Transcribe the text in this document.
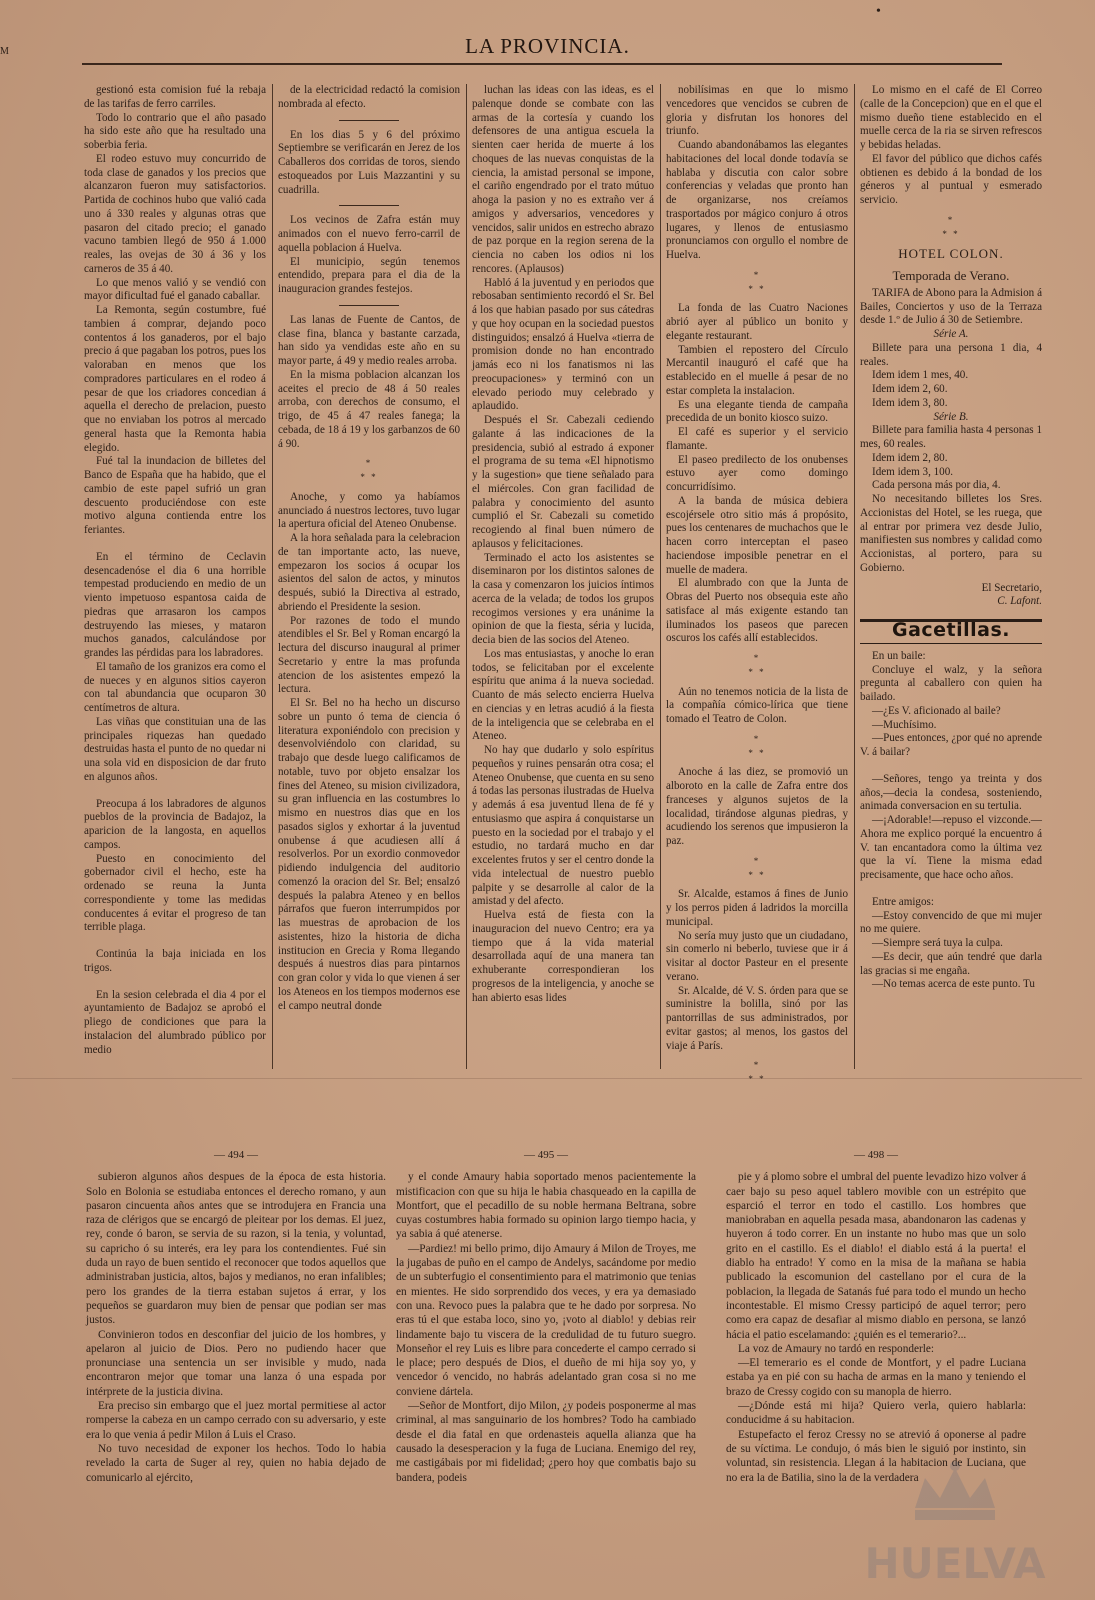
M
•
LA PROVINCIA.

gestionó esta comision fué la rebaja de las tarifas de ferro carriles.

Todo lo contrario que el año pasado ha sido este año que ha resultado una soberbia feria.

El rodeo estuvo muy concurrido de toda clase de ganados y los precios que alcanzaron fueron muy satisfactorios. Partida de cochinos hubo que valió cada uno á 330 reales y algunas otras que pasaron del citado precio; el ganado vacuno tambien llegó de 950 á 1.000 reales, las ovejas de 30 á 36 y los carneros de 35 á 40.

Lo que menos valió y se vendió con mayor dificultad fué el ganado caballar.

La Remonta, según costumbre, fué tambien á comprar, dejando poco contentos á los ganaderos, por el bajo precio á que pagaban los potros, pues los valoraban en menos que los compradores particulares en el rodeo á pesar de que los criadores concedian á aquella el derecho de prelacion, puesto que no enviaban los potros al mercado general hasta que la Remonta habia elegido.

Fué tal la inundacion de billetes del Banco de España que ha habido, que el cambio de este papel sufrió un gran descuento produciéndose con este motivo alguna contienda entre los feriantes.

En el término de Ceclavin desencadenóse el dia 6 una horrible tempestad produciendo en medio de un viento impetuoso espantosa caida de piedras que arrasaron los campos destruyendo las mieses, y mataron muchos ganados, calculándose por grandes las pérdidas para los labradores.

El tamaño de los granizos era como el de nueces y en algunos sitios cayeron con tal abundancia que ocuparon 30 centímetros de altura.

Las viñas que constituian una de las principales riquezas han quedado destruidas hasta el punto de no quedar ni una sola vid en disposicion de dar fruto en algunos años.

Preocupa á los labradores de algunos pueblos de la provincia de Badajoz, la aparicion de la langosta, en aquellos campos.

Puesto en conocimiento del gobernador civil el hecho, este ha ordenado se reuna la Junta correspondiente y tome las medidas conducentes á evitar el progreso de tan terrible plaga.

Continúa la baja iniciada en los trigos.

En la sesion celebrada el dia 4 por el ayuntamiento de Badajoz se aprobó el pliego de condiciones que para la instalacion del alumbrado público por medio

de la electricidad redactó la comision nombrada al efecto.

En los dias 5 y 6 del próximo Septiembre se verificarán en Jerez de los Caballeros dos corridas de toros, siendo estoqueados por Luis Mazzantini y su cuadrilla.

Los vecinos de Zafra están muy animados con el nuevo ferro-carril de aquella poblacion á Huelva.

El municipio, según tenemos entendido, prepara para el dia de la inauguracion grandes festejos.

Las lanas de Fuente de Cantos, de clase fina, blanca y bastante carzada, han sido ya vendidas este año en su mayor parte, á 49 y medio reales arroba.

En la misma poblacion alcanzan los aceites el precio de 48 á 50 reales arroba, con derechos de consumo, el trigo, de 45 á 47 reales fanega; la cebada, de 18 á 19 y los garbanzos de 60 á 90.

*
* *

Anoche, y como ya habíamos anunciado á nuestros lectores, tuvo lugar la apertura oficial del Ateneo Onubense.

A la hora señalada para la celebracion de tan importante acto, las nueve, empezaron los socios á ocupar los asientos del salon de actos, y minutos después, subió la Directiva al estrado, abriendo el Presidente la sesion.

Por razones de todo el mundo atendibles el Sr. Bel y Roman encargó la lectura del discurso inaugural al primer Secretario y entre la mas profunda atencion de los asistentes empezó la lectura.

El Sr. Bel no ha hecho un discurso sobre un punto ó tema de ciencia ó literatura exponiéndolo con precision y desenvolviéndolo con claridad, su trabajo que desde luego calificamos de notable, tuvo por objeto ensalzar los fines del Ateneo, su mision civilizadora, su gran influencia en las costumbres lo mismo en nuestros dias que en los pasados siglos y exhortar á la juventud onubense á que acudiesen allí á resolverlos. Por un exordio conmovedor pidiendo indulgencia del auditorio comenzó la oracion del Sr. Bel; ensalzó después la palabra Ateneo y en bellos párrafos que fueron interrumpidos por las muestras de aprobacion de los asistentes, hizo la historia de dicha institucion en Grecia y Roma llegando después á nuestros dias para pintarnos con gran color y vida lo que vienen á ser los Ateneos en los tiempos modernos ese el campo neutral donde

luchan las ideas con las ideas, es el palenque donde se combate con las armas de la cortesía y cuando los defensores de una antigua escuela la sienten caer herida de muerte á los choques de las nuevas conquistas de la ciencia, la amistad personal se impone, el cariño engendrado por el trato mútuo ahoga la pasion y no es extraño ver á amigos y adversarios, vencedores y vencidos, salir unidos en estrecho abrazo de paz porque en la region serena de la ciencia no caben los odios ni los rencores. (Aplausos)

Habló á la juventud y en periodos que rebosaban sentimiento recordó el Sr. Bel á los que habian pasado por sus cátedras y que hoy ocupan en la sociedad puestos distinguidos; ensalzó á Huelva «tierra de promision donde no han encontrado jamás eco ni los fanatismos ni las preocupaciones» y terminó con un elevado periodo muy celebrado y aplaudido.

Después el Sr. Cabezali cediendo galante á las indicaciones de la presidencia, subió al estrado á exponer el programa de su tema «El hipnotismo y la sugestion» que tiene señalado para el miércoles. Con gran facilidad de palabra y conocimiento del asunto cumplió el Sr. Cabezali su cometido recogiendo al final buen número de aplausos y felicitaciones.

Terminado el acto los asistentes se diseminaron por los distintos salones de la casa y comenzaron los juicios íntimos acerca de la velada; de todos los grupos recogimos versiones y era unánime la opinion de que la fiesta, séria y lucida, decia bien de las socios del Ateneo.

Los mas entusiastas, y anoche lo eran todos, se felicitaban por el excelente espíritu que anima á la nueva sociedad. Cuanto de más selecto encierra Huelva en ciencias y en letras acudió á la fiesta de la inteligencia que se celebraba en el Ateneo.

No hay que dudarlo y solo espíritus pequeños y ruines pensarán otra cosa; el Ateneo Onubense, que cuenta en su seno á todas las personas ilustradas de Huelva y además á esa juventud llena de fé y entusiasmo que aspira á conquistarse un puesto en la sociedad por el trabajo y el estudio, no tardará mucho en dar excelentes frutos y ser el centro donde la vida intelectual de nuestro pueblo palpite y se desarrolle al calor de la amistad y del afecto.

Huelva está de fiesta con la inauguracion del nuevo Centro; era ya tiempo que á la vida material desarrollada aquí de una manera tan exhuberante correspondieran los progresos de la inteligencia, y anoche se han abierto esas lides

nobilísimas en que lo mismo vencedores que vencidos se cubren de gloria y disfrutan los honores del triunfo.

Cuando abandonábamos las elegantes habitaciones del local donde todavía se hablaba y discutia con calor sobre conferencias y veladas que pronto han de organizarse, nos creíamos trasportados por mágico conjuro á otros lugares, y llenos de entusiasmo pronunciamos con orgullo el nombre de Huelva.

*
* *

La fonda de las Cuatro Naciones abrió ayer al público un bonito y elegante restaurant.

Tambien el repostero del Círculo Mercantil inauguró el café que ha establecido en el muelle á pesar de no estar completa la instalacion.

Es una elegante tienda de campaña precedida de un bonito kiosco suizo.

El café es superior y el servicio flamante.

El paseo predilecto de los onubenses estuvo ayer como domingo concurridísimo.

A la banda de música debiera escojérsele otro sitio más á propósito, pues los centenares de muchachos que le hacen corro interceptan el paseo haciendose imposible penetrar en el muelle de madera.

El alumbrado con que la Junta de Obras del Puerto nos obsequia este año satisface al más exigente estando tan iluminados los paseos que parecen oscuros los cafés allí establecidos.

*
* *

Aún no tenemos noticia de la lista de la compañía cómico-lírica que tiene tomado el Teatro de Colon.

*
* *

Anoche á las diez, se promovió un alboroto en la calle de Zafra entre dos franceses y algunos sujetos de la localidad, tirándose algunas piedras, y acudiendo los serenos que impusieron la paz.

*
* *

Sr. Alcalde, estamos á fines de Junio y los perros piden á ladridos la morcilla municipal.

No sería muy justo que un ciudadano, sin comerlo ni beberlo, tuviese que ir á visitar al doctor Pasteur en el presente verano.

Sr. Alcalde, dé V. S. órden para que se suministre la bolilla, sinó por las pantorrillas de sus administrados, por evitar gastos; al menos, los gastos del viaje á París.

*
* *

Lo mismo en el café de El Correo (calle de la Concepcion) que en el que el mismo dueño tiene establecido en el muelle cerca de la ria se sirven refrescos y bebidas heladas.

El favor del público que dichos cafés obtienen es debido á la bondad de los géneros y al puntual y esmerado servicio.

*
* *
HOTEL COLON.
Temporada de Verano.

TARIFA de Abono para la Admision á Bailes, Conciertos y uso de la Terraza desde 1.º de Julio á 30 de Setiembre.

Série A.

Billete para una persona 1 dia, 4 reales.

Idem idem 1 mes, 40.

Idem idem 2, 60.

Idem idem 3, 80.

Série B.

Billete para familia hasta 4 personas 1 mes, 60 reales.

Idem idem 2, 80.

Idem idem 3, 100.

Cada persona más por dia, 4.

No necesitando billetes los Sres. Accionistas del Hotel, se les ruega, que al entrar por primera vez desde Julio, manifiesten sus nombres y calidad como Accionistas, al portero, para su Gobierno.

El Secretario,

C. Lafont.

Gacetillas.

En un baile:

Concluye el walz, y la señora pregunta al caballero con quien ha bailado.

—¿Es V. aficionado al baile?

—Muchísimo.

—Pues entonces, ¿por qué no aprende V. á bailar?

—Señores, tengo ya treinta y dos años,—decia la condesa, sosteniendo, animada conversacion en su tertulia.

—¡Adorable!—repuso el vizconde.—Ahora me explico porqué la encuentro á V. tan encantadora como la última vez que la ví. Tiene la misma edad precisamente, que hace ocho años.

Entre amigos:

—Estoy convencido de que mi mujer no me quiere.

—Siempre será tuya la culpa.

—Es decir, que aún tendré que darla las gracias si me engaña.

—No temas acerca de este punto. Tu

— 494 —

subieron algunos años despues de la época de esta historia. Solo en Bolonia se estudiaba entonces el derecho romano, y aun pasaron cincuenta años antes que se introdujera en Francia una raza de clérigos que se encargó de pleitear por los demas. El juez, rey, conde ó baron, se servia de su razon, si la tenia, y voluntad, su capricho ó su interés, era ley para los contendientes. Fué sin duda un rayo de buen sentido el reconocer que todos aquellos que administraban justicia, altos, bajos y medianos, no eran infalibles; pero los grandes de la tierra estaban sujetos á errar, y los pequeños se guardaron muy bien de pensar que podian ser mas justos.

Convinieron todos en desconfiar del juicio de los hombres, y apelaron al juicio de Dios. Pero no pudiendo hacer que pronunciase una sentencia un ser invisible y mudo, nada encontraron mejor que tomar una lanza ó una espada por intérprete de la justicia divina.

Era preciso sin embargo que el juez mortal permitiese al actor romperse la cabeza en un campo cerrado con su adversario, y este era lo que venia á pedir Milon á Luis el Craso.

No tuvo necesidad de exponer los hechos. Todo lo habia revelado la carta de Suger al rey, quien no habia dejado de comunicarlo al ejército,

— 495 —

y el conde Amaury habia soportado menos pacientemente la mistificacion con que su hija le habia chasqueado en la capilla de Montfort, que el pecadillo de su noble hermana Beltrana, sobre cuyas costumbres habia formado su opinion largo tiempo hacia, y ya sabia á qué atenerse.

—Pardiez! mi bello primo, dijo Amaury á Milon de Troyes, me la jugabas de puño en el campo de Andelys, sacándome por medio de un subterfugio el consentimiento para el matrimonio que tenias en mientes. He sido sorprendido dos veces, y era ya demasiado con una. Revoco pues la palabra que te he dado por sorpresa. No eras tú el que estaba loco, sino yo, ¡voto al diablo! y debias reir lindamente bajo tu viscera de la credulidad de tu futuro suegro. Monseñor el rey Luis es libre para concederte el campo cerrado si le place; pero después de Dios, el dueño de mi hija soy yo, y vencedor ó vencido, no habrás adelantado gran cosa si no me conviene dártela.

—Señor de Montfort, dijo Milon, ¿y podeis posponerme al mas criminal, al mas sanguinario de los hombres? Todo ha cambiado desde el dia fatal en que ordenasteis aquella alianza que ha causado la desesperacion y la fuga de Luciana. Enemigo del rey, me castigábais por mi fidelidad; ¿pero hoy que combatis bajo su bandera, podeis

— 498 —

pie y á plomo sobre el umbral del puente levadizo hizo volver á caer bajo su peso aquel tablero movible con un estrépito que esparció el terror en todo el castillo. Los hombres que maniobraban en aquella pesada masa, abandonaron las cadenas y huyeron á todo correr. En un instante no hubo mas que un solo grito en el castillo. Es el diablo! el diablo está á la puerta! el diablo ha entrado! Y como en la misa de la mañana se habia publicado la escomunion del castellano por el cura de la poblacion, la llegada de Satanás fué para todo el mundo un hecho incontestable. El mismo Cressy participó de aquel terror; pero como era capaz de desafiar al mismo diablo en persona, se lanzó hácia el patio escelamando: ¿quién es el temerario?...

La voz de Amaury no tardó en responderle:

—El temerario es el conde de Montfort, y el padre Luciana estaba ya en pié con su hacha de armas en la mano y teniendo el brazo de Cressy cogido con su manopla de hierro.

—¿Dónde está mi hija? Quiero verla, quiero hablarla: conducidme á su habitacion.

Estupefacto el feroz Cressy no se atrevió á oponerse al padre de su víctima. Le condujo, ó más bien le siguió por instinto, sin voluntad, sin resistencia. Llegan á la habitacion de Luciana, que no era la de Batilia, sino la de la verdadera

HUELVA
